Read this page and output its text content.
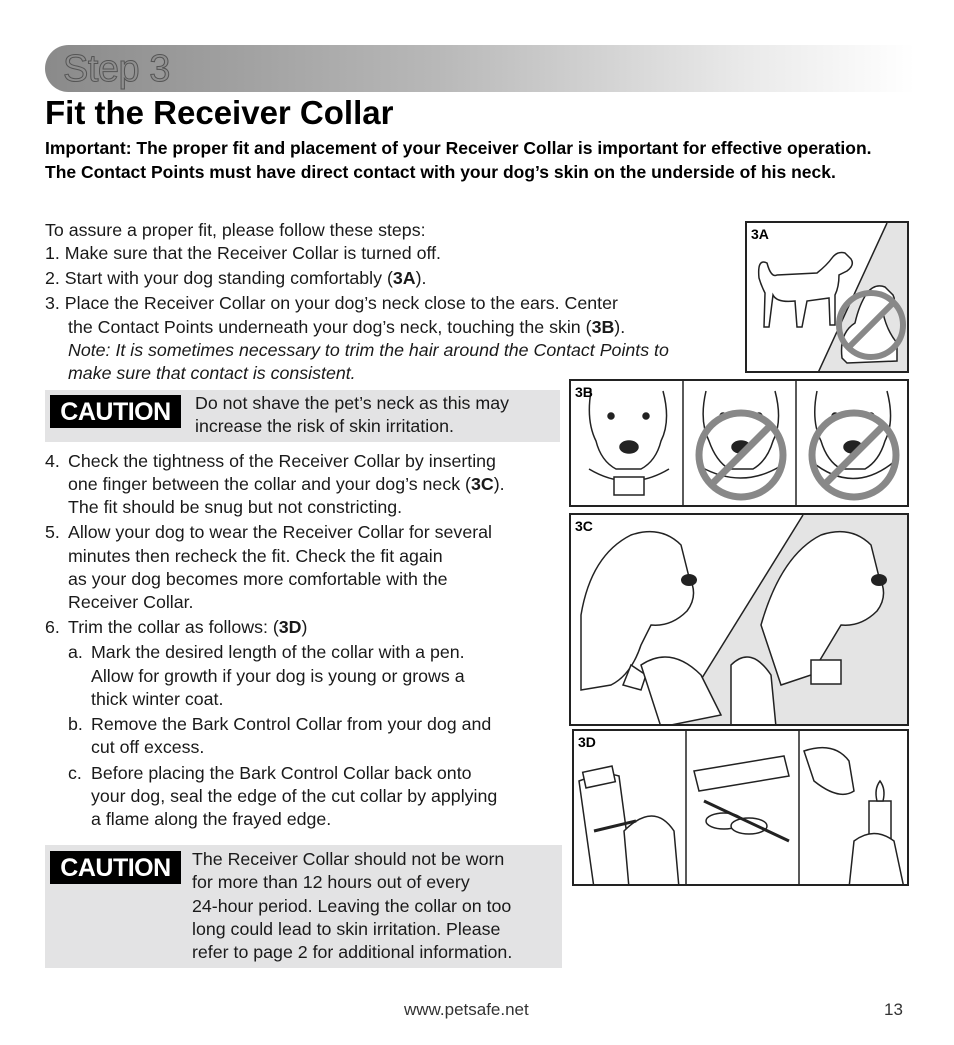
Step 3
Fit the Receiver Collar
Important: The proper fit and placement of your Receiver Collar is important for effective operation. The Contact Points must have direct contact with your dog’s skin on the underside of his neck.
To assure a proper fit, please follow these steps:
1. Make sure that the Receiver Collar is turned off.
2. Start with your dog standing comfortably (3A).
3. Place the Receiver Collar on your dog’s neck close to the ears. Center
the Contact Points underneath your dog’s neck, touching the skin (3B).
Note: It is sometimes necessary to trim the hair around the Contact Points to
make sure that contact is consistent.
CAUTION	Do not shave the pet’s neck as this may
increase the risk of skin irritation.
4. Check the tightness of the Receiver Collar by inserting
one finger between the collar and your dog’s neck (3C).
The fit should be snug but not constricting.
5. Allow your dog to wear the Receiver Collar for several
minutes then recheck the fit. Check the fit again
as your dog becomes more comfortable with the
Receiver Collar.
6. Trim the collar as follows: (3D)
a. Mark the desired length of the collar with a pen.
Allow for growth if your dog is young or grows a
thick winter coat.
b. Remove the Bark Control Collar from your dog and
cut off excess.
c. Before placing the Bark Control Collar back onto
your dog, seal the edge of the cut collar by applying
a flame along the frayed edge.
CAUTION	The Receiver Collar should not be worn
for more than 12 hours out of every
24-hour period. Leaving the collar on too
long could lead to skin irritation. Please
refer to page 2 for additional information.
3A
3B
3C
3D
www.petsafe.net	13
